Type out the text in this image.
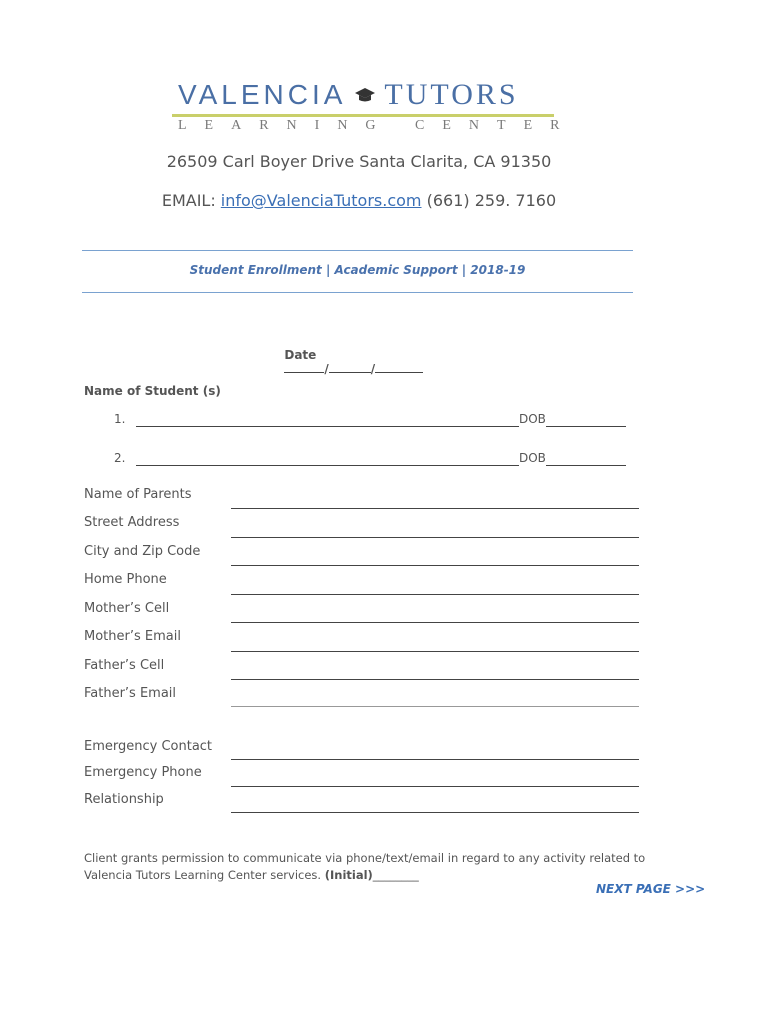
VALENCIA TUTORS
LEARNING CENTER
26509 Carl Boyer Drive Santa Clarita, CA 91350
EMAIL: info@ValenciaTutors.com (661) 259. 7160
Student Enrollment | Academic Support | 2018-19

Date
/	/

Name of Student (s)
1.	DOB
2.	DOB
Name of Parents
Street Address
City and Zip Code
Home Phone
Mother’s Cell
Mother’s Email
Father’s Cell
Father’s Email
Emergency Contact
Emergency Phone
Relationship
Client grants permission to communicate via phone/text/email in regard to any activity related to Valencia Tutors Learning Center services. (Initial)________
NEXT PAGE >>>
